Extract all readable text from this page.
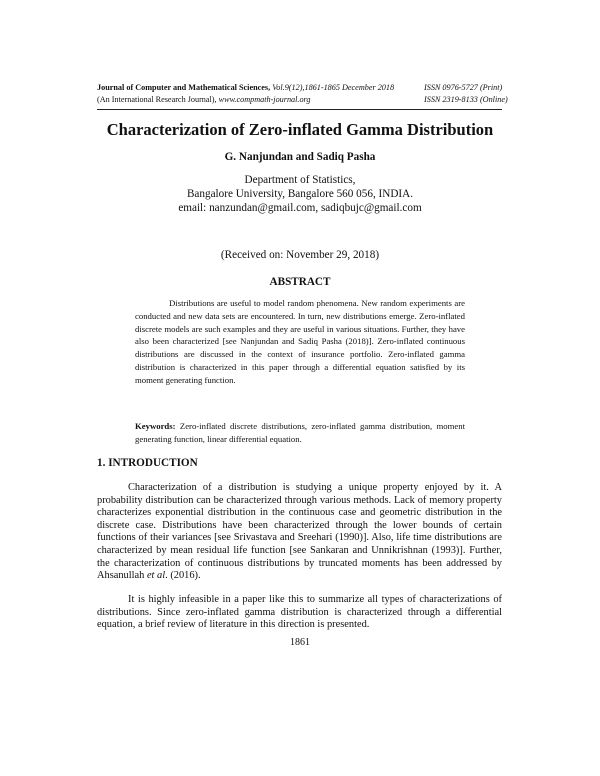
Journal of Computer and Mathematical Sciences, Vol.9(12),1861-1865 December 2018	ISSN 0976-5727 (Print)
(An International Research Journal), www.compmath-journal.org	ISSN 2319-8133 (Online)
Characterization of Zero-inflated Gamma Distribution
G. Nanjundan and Sadiq Pasha
Department of Statistics,
Bangalore University, Bangalore 560 056, INDIA.
email: nanzundan@gmail.com, sadiqbujc@gmail.com
(Received on: November 29, 2018)
ABSTRACT

Distributions are useful to model random phenomena. New random experiments are conducted and new data sets are encountered. In turn, new distributions emerge. Zero-inflated discrete models are such examples and they are useful in various situations. Further, they have also been characterized [see Nanjundan and Sadiq Pasha (2018)]. Zero-inflated continuous distributions are discussed in the context of insurance portfolio. Zero-inflated gamma distribution is characterized in this paper through a differential equation satisfied by its moment generating function.

Keywords: Zero-inflated discrete distributions, zero-inflated gamma distribution, moment generating function, linear differential equation.

1. INTRODUCTION

Characterization of a distribution is studying a unique property enjoyed by it. A probability distribution can be characterized through various methods. Lack of memory property characterizes exponential distribution in the continuous case and geometric distribution in the discrete case. Distributions have been characterized through the lower bounds of certain functions of their variances [see Srivastava and Sreehari (1990)]. Also, life time distributions are characterized by mean residual life function [see Sankaran and Unnikrishnan (1993)]. Further, the characterization of continuous distributions by truncated moments has been addressed by Ahsanullah et al. (2016).

It is highly infeasible in a paper like this to summarize all types of characterizations of distributions. Since zero-inflated gamma distribution is characterized through a differential equation, a brief review of literature in this direction is presented.

1861
